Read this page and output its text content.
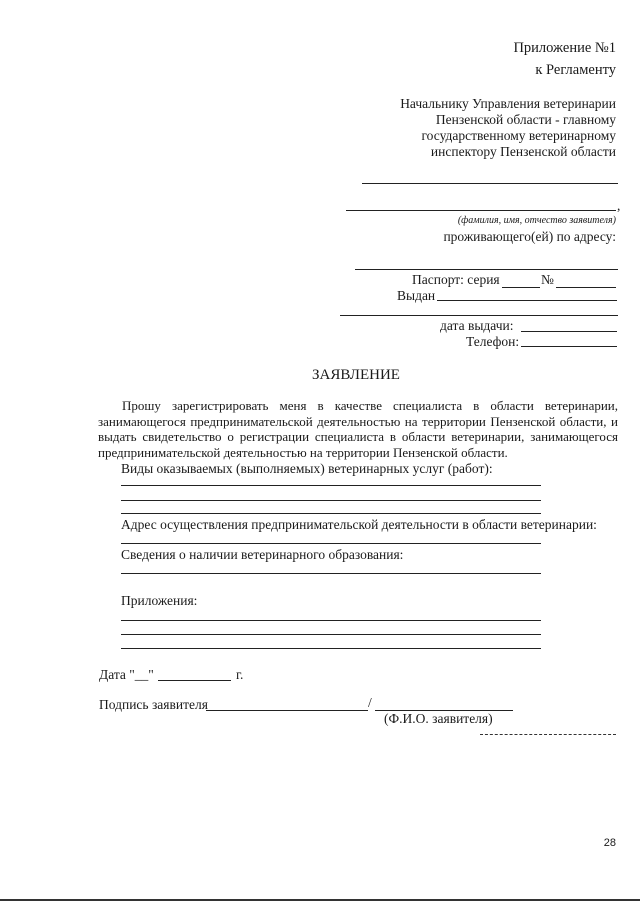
Приложение №1
к Регламенту
Начальнику Управления ветеринарии
Пензенской области - главному
государственному ветеринарному
инспектору Пензенской области
,
(фамилия, имя, отчество заявителя)
проживающего(ей) по адресу:
Паспорт: серия	№
Выдан
дата выдачи:
Телефон:
ЗАЯВЛЕНИЕ

Прошу зарегистрировать меня в качестве специалиста в области ветеринарии, занимающегося предпринимательской деятельностью на территории Пензенской области, и выдать свидетельство о регистрации специалиста в области ветеринарии, занимающегося предпринимательской деятельностью на территории Пензенской области.

Виды оказываемых (выполняемых) ветеринарных услуг (работ):
Адрес осуществления предпринимательской деятельности в области ветеринарии:
Сведения о наличии ветеринарного образования:
Приложения:
Дата "__"	г.
Подпись заявителя	/
(Ф.И.О. заявителя)
28
